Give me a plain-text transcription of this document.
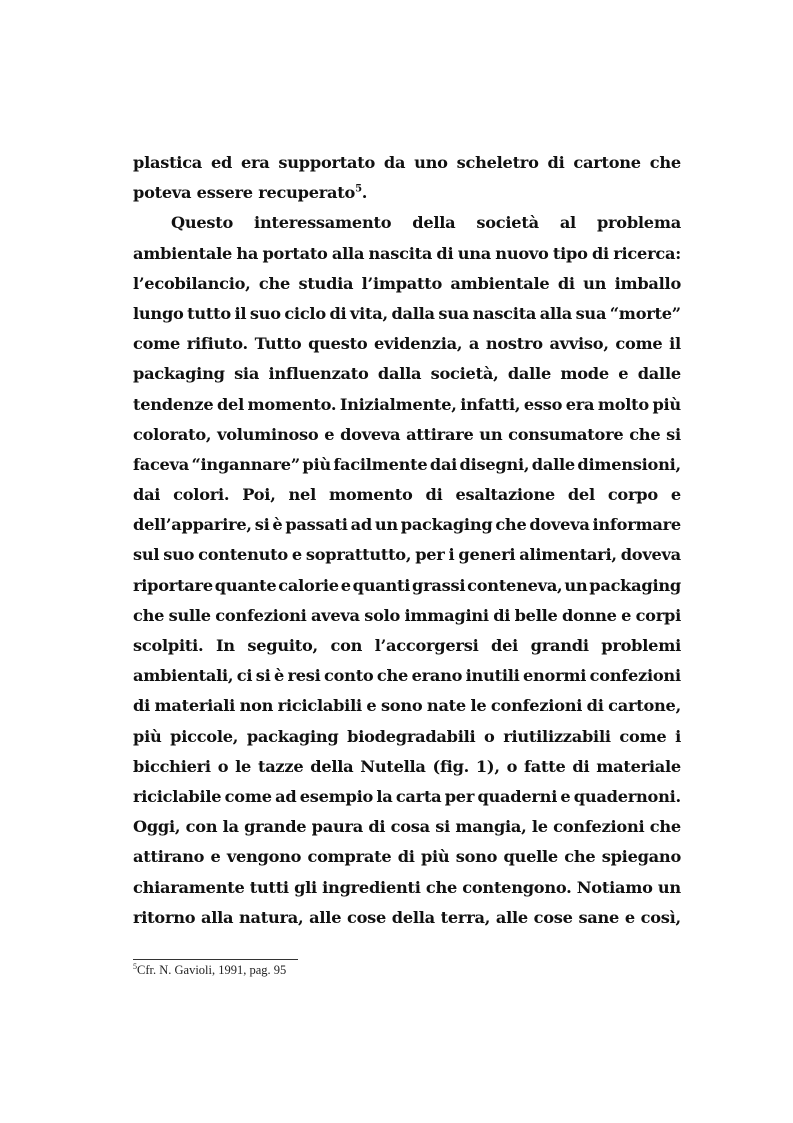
plastica ed era supportato da uno scheletro di cartone che
poteva essere recuperato$^5$.
Questo interessamento della società al problema
ambientale ha portato alla nascita di una nuovo tipo di ricerca:
l’ecobilancio, che studia l’impatto ambientale di un imballo
lungo tutto il suo ciclo di vita, dalla sua nascita alla sua “morte”
come rifiuto. Tutto questo evidenzia, a nostro avviso, come il
packaging sia influenzato dalla società, dalle mode e dalle
tendenze del momento. Inizialmente, infatti, esso era molto più
colorato, voluminoso e doveva attirare un consumatore che si
faceva “ingannare” più facilmente dai disegni, dalle dimensioni,
dai colori. Poi, nel momento di esaltazione del corpo e
dell’apparire, si è passati ad un packaging che doveva informare
sul suo contenuto e soprattutto, per i generi alimentari, doveva
riportare quante calorie e quanti grassi conteneva, un packaging
che sulle confezioni aveva solo immagini di belle donne e corpi
scolpiti. In seguito, con l’accorgersi dei grandi problemi
ambientali, ci si è resi conto che erano inutili enormi confezioni
di materiali non riciclabili e sono nate le confezioni di cartone,
più piccole, packaging biodegradabili o riutilizzabili come i
bicchieri o le tazze della Nutella (fig. 1), o fatte di materiale
riciclabile come ad esempio la carta per quaderni e quadernoni.
Oggi, con la grande paura di cosa si mangia, le confezioni che
attirano e vengono comprate di più sono quelle che spiegano
chiaramente tutti gli ingredienti che contengono. Notiamo un
ritorno alla natura, alle cose della terra, alle cose sane e così,
$^5$Cfr. N. Gavioli, 1991, pag. 95
